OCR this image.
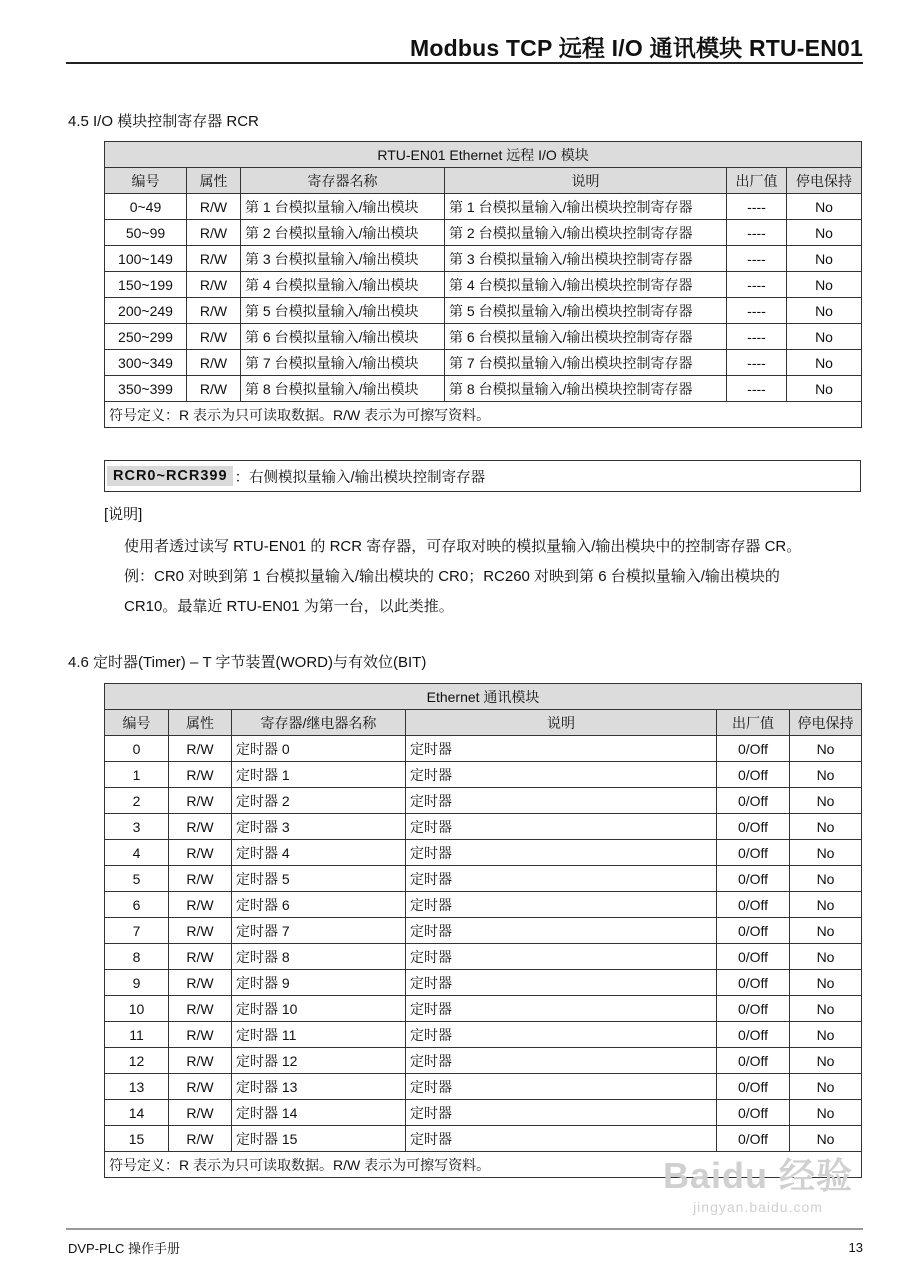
Modbus TCP 远程 I/O 通讯模块 RTU-EN01
4.5 I/O 模块控制寄存器 RCR
RTU-EN01 Ethernet 远程 I/O 模块					
编号	属性	寄存器名称	说明	出厂值	停电保持
0~49	R/W	第 1 台模拟量输入/输出模块	第 1 台模拟量输入/输出模块控制寄存器	----	No
50~99	R/W	第 2 台模拟量输入/输出模块	第 2 台模拟量输入/输出模块控制寄存器	----	No
100~149	R/W	第 3 台模拟量输入/输出模块	第 3 台模拟量输入/输出模块控制寄存器	----	No
150~199	R/W	第 4 台模拟量输入/输出模块	第 4 台模拟量输入/输出模块控制寄存器	----	No
200~249	R/W	第 5 台模拟量输入/输出模块	第 5 台模拟量输入/输出模块控制寄存器	----	No
250~299	R/W	第 6 台模拟量输入/输出模块	第 6 台模拟量输入/输出模块控制寄存器	----	No
300~349	R/W	第 7 台模拟量输入/输出模块	第 7 台模拟量输入/输出模块控制寄存器	----	No
350~399	R/W	第 8 台模拟量输入/输出模块	第 8 台模拟量输入/输出模块控制寄存器	----	No
符号定义：R 表示为只可读取数据。R/W 表示为可擦写资料。					
RCR0~RCR399 ：右侧模拟量输入/输出模块控制寄存器
[说明]

使用者透过读写 RTU-EN01 的 RCR 寄存器，可存取对映的模拟量输入/输出模块中的控制寄存器 CR。

例：CR0 对映到第 1 台模拟量输入/输出模块的 CR0；RC260 对映到第 6 台模拟量输入/输出模块的

CR10。最靠近 RTU-EN01 为第一台，以此类推。

4.6 定时器(Timer) – T 字节装置(WORD)与有效位(BIT)
Ethernet 通讯模块					
编号	属性	寄存器/继电器名称	说明	出厂值	停电保持
0	R/W	定时器 0	定时器	0/Off	No
1	R/W	定时器 1	定时器	0/Off	No
2	R/W	定时器 2	定时器	0/Off	No
3	R/W	定时器 3	定时器	0/Off	No
4	R/W	定时器 4	定时器	0/Off	No
5	R/W	定时器 5	定时器	0/Off	No
6	R/W	定时器 6	定时器	0/Off	No
7	R/W	定时器 7	定时器	0/Off	No
8	R/W	定时器 8	定时器	0/Off	No
9	R/W	定时器 9	定时器	0/Off	No
10	R/W	定时器 10	定时器	0/Off	No
11	R/W	定时器 11	定时器	0/Off	No
12	R/W	定时器 12	定时器	0/Off	No
13	R/W	定时器 13	定时器	0/Off	No
14	R/W	定时器 14	定时器	0/Off	No
15	R/W	定时器 15	定时器	0/Off	No
符号定义：R 表示为只可读取数据。R/W 表示为可擦写资料。						Baidu 经验
jingyan.baidu.com
DVP-PLC 操作手册	13
